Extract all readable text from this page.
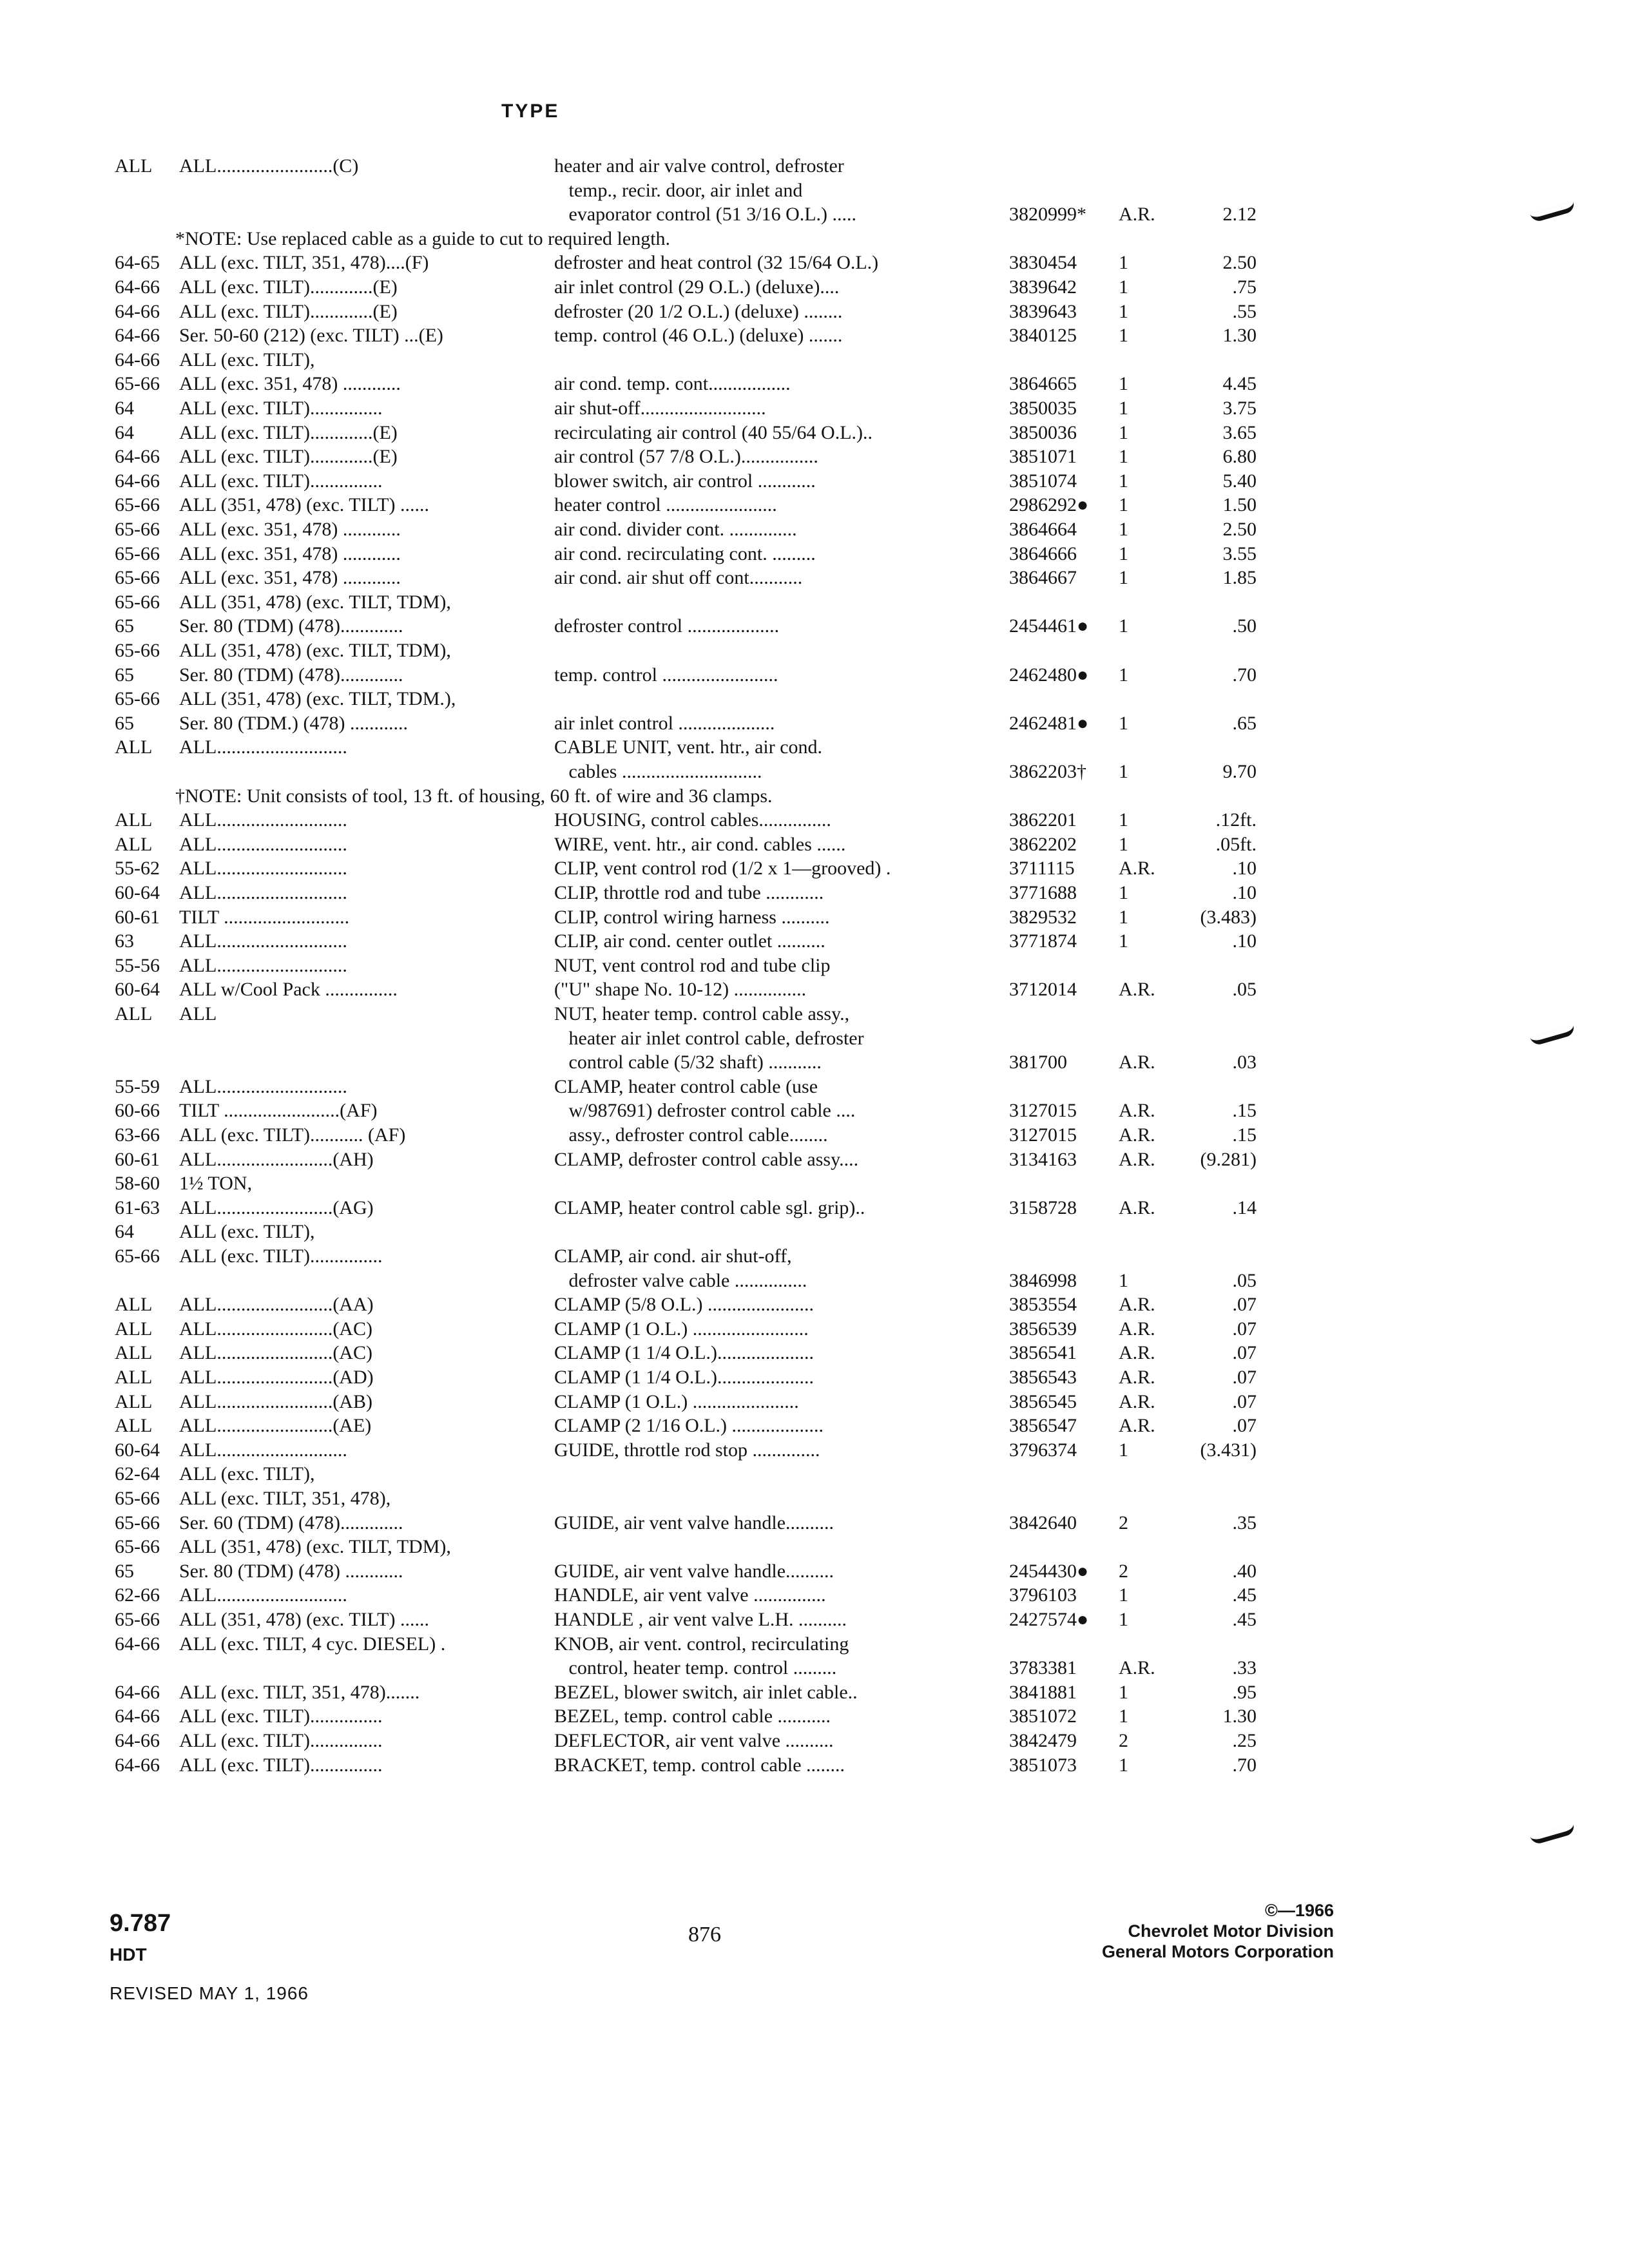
TYPE
ALL ALL........................(C)	heater and air valve control, defroster
temp., recir. door, air inlet and
evaporator control (51 3/16 O.L.) .....	3820999* A.R.	2.12
*NOTE: Use replaced cable as a guide to cut to required length.
64-65 ALL (exc. TILT, 351, 478)....(F)	defroster and heat control (32 15/64 O.L.)	3830454 1	2.50
64-66 ALL (exc. TILT).............(E)	air inlet control (29 O.L.) (deluxe)....	3839642 1	.75
64-66 ALL (exc. TILT).............(E)	defroster (20 1/2 O.L.) (deluxe) ........	3839643 1	.55
64-66 Ser. 50-60 (212) (exc. TILT) ...(E)	temp. control (46 O.L.) (deluxe) .......	3840125 1	1.30
64-66 ALL (exc. TILT),
65-66 ALL (exc. 351, 478) ............	air cond. temp. cont.................	3864665 1	4.45
64 ALL (exc. TILT)...............	air shut-off..........................	3850035 1	3.75
64 ALL (exc. TILT).............(E)	recirculating air control (40 55/64 O.L.)..	3850036 1	3.65
64-66 ALL (exc. TILT).............(E)	air control (57 7/8 O.L.)................	3851071 1	6.80
64-66 ALL (exc. TILT)...............	blower switch, air control ............	3851074 1	5.40
65-66 ALL (351, 478) (exc. TILT) ......	heater control .......................	2986292● 1	1.50
65-66 ALL (exc. 351, 478) ............	air cond. divider cont. ..............	3864664 1	2.50
65-66 ALL (exc. 351, 478) ............	air cond. recirculating cont. .........	3864666 1	3.55
65-66 ALL (exc. 351, 478) ............	air cond. air shut off cont...........	3864667 1	1.85
65-66 ALL (351, 478) (exc. TILT, TDM),
65 Ser. 80 (TDM) (478).............	defroster control ...................	2454461● 1	.50
65-66 ALL (351, 478) (exc. TILT, TDM),
65 Ser. 80 (TDM) (478).............	temp. control ........................	2462480● 1	.70
65-66 ALL (351, 478) (exc. TILT, TDM.),
65 Ser. 80 (TDM.) (478) ............	air inlet control ....................	2462481● 1	.65
ALL ALL...........................	CABLE UNIT, vent. htr., air cond.
cables .............................	3862203† 1	9.70
†NOTE: Unit consists of tool, 13 ft. of housing, 60 ft. of wire and 36 clamps.
ALL ALL...........................	HOUSING, control cables...............	3862201 1	.12ft.
ALL ALL...........................	WIRE, vent. htr., air cond. cables ......	3862202 1	.05ft.
55-62 ALL...........................	CLIP, vent control rod (1/2 x 1—grooved) .	3711115 A.R.	.10
60-64 ALL...........................	CLIP, throttle rod and tube ............	3771688 1	.10
60-61 TILT ..........................	CLIP, control wiring harness ..........	3829532 1	(3.483)
63 ALL...........................	CLIP, air cond. center outlet ..........	3771874 1	.10
55-56 ALL...........................	NUT, vent control rod and tube clip
60-64 ALL w/Cool Pack ...............	("U" shape No. 10-12) ...............	3712014 A.R.	.05
ALL ALL	NUT, heater temp. control cable assy.,
heater air inlet control cable, defroster
control cable (5/32 shaft) ...........	381700	A.R.	.03
55-59 ALL...........................	CLAMP, heater control cable (use
60-66 TILT ........................(AF)	w/987691) defroster control cable ....	3127015 A.R.	.15
63-66 ALL (exc. TILT)........... (AF)	assy., defroster control cable........	3127015 A.R.	.15
60-61 ALL........................(AH)	CLAMP, defroster control cable assy....	3134163 A.R.	(9.281)
58-60 1½ TON,
61-63 ALL........................(AG)	CLAMP, heater control cable sgl. grip)..	3158728 A.R.	.14
64 ALL (exc. TILT),
65-66 ALL (exc. TILT)...............	CLAMP, air cond. air shut-off,
defroster valve cable ...............	3846998 1	.05
ALL ALL........................(AA)	CLAMP (5/8 O.L.) ......................	3853554 A.R.	.07
ALL ALL........................(AC)	CLAMP (1 O.L.) ........................	3856539 A.R.	.07
ALL ALL........................(AC)	CLAMP (1 1/4 O.L.)....................	3856541 A.R.	.07
ALL ALL........................(AD)	CLAMP (1 1/4 O.L.)....................	3856543 A.R.	.07
ALL ALL........................(AB)	CLAMP (1 O.L.) ......................	3856545 A.R.	.07
ALL ALL........................(AE)	CLAMP (2 1/16 O.L.) ...................	3856547 A.R.	.07
60-64 ALL...........................	GUIDE, throttle rod stop ..............	3796374 1	(3.431)
62-64 ALL (exc. TILT),
65-66 ALL (exc. TILT, 351, 478),
65-66 Ser. 60 (TDM) (478).............	GUIDE, air vent valve handle..........	3842640 2	.35
65-66 ALL (351, 478) (exc. TILT, TDM),
65 Ser. 80 (TDM) (478) ............	GUIDE, air vent valve handle..........	2454430● 2	.40
62-66 ALL...........................	HANDLE, air vent valve ...............	3796103 1	.45
65-66 ALL (351, 478) (exc. TILT) ......	HANDLE , air vent valve L.H. ..........	2427574● 1	.45
64-66 ALL (exc. TILT, 4 cyc. DIESEL) .	KNOB, air vent. control, recirculating
control, heater temp. control .........	3783381 A.R.	.33
64-66 ALL (exc. TILT, 351, 478).......	BEZEL, blower switch, air inlet cable..	3841881 1	.95
64-66 ALL (exc. TILT)...............	BEZEL, temp. control cable ...........	3851072 1	1.30
64-66 ALL (exc. TILT)...............	DEFLECTOR, air vent valve ..........	3842479 2	.25
64-66 ALL (exc. TILT)...............	BRACKET, temp. control cable ........	3851073 1	.70
9.787
HDT
REVISED MAY 1, 1966
876
©—1966
Chevrolet Motor Division
General Motors Corporation
